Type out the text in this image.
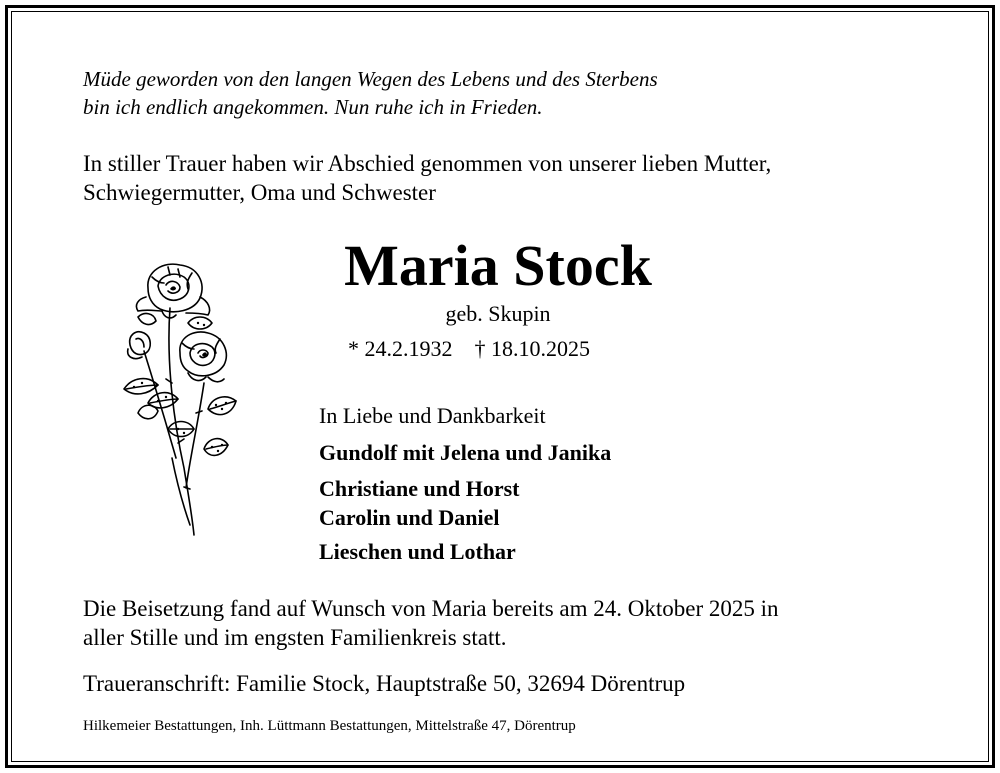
Müde geworden von den langen Wegen des Lebens und des Sterbens
bin ich endlich angekommen. Nun ruhe ich in Frieden.
In stiller Trauer haben wir Abschied genommen von unserer lieben Mutter,
Schwiegermutter, Oma und Schwester
Maria Stock
geb. Skupin
* 24.2.1932 † 18.10.2025
In Liebe und Dankbarkeit
Gundolf mit Jelena und Janika
Christiane und Horst
Carolin und Daniel
Lieschen und Lothar
Die Beisetzung fand auf Wunsch von Maria bereits am 24. Oktober 2025 in
aller Stille und im engsten Familienkreis statt.
Traueranschrift: Familie Stock, Hauptstraße 50, 32694 Dörentrup
Hilkemeier Bestattungen, Inh. Lüttmann Bestattungen, Mittelstraße 47, Dörentrup
